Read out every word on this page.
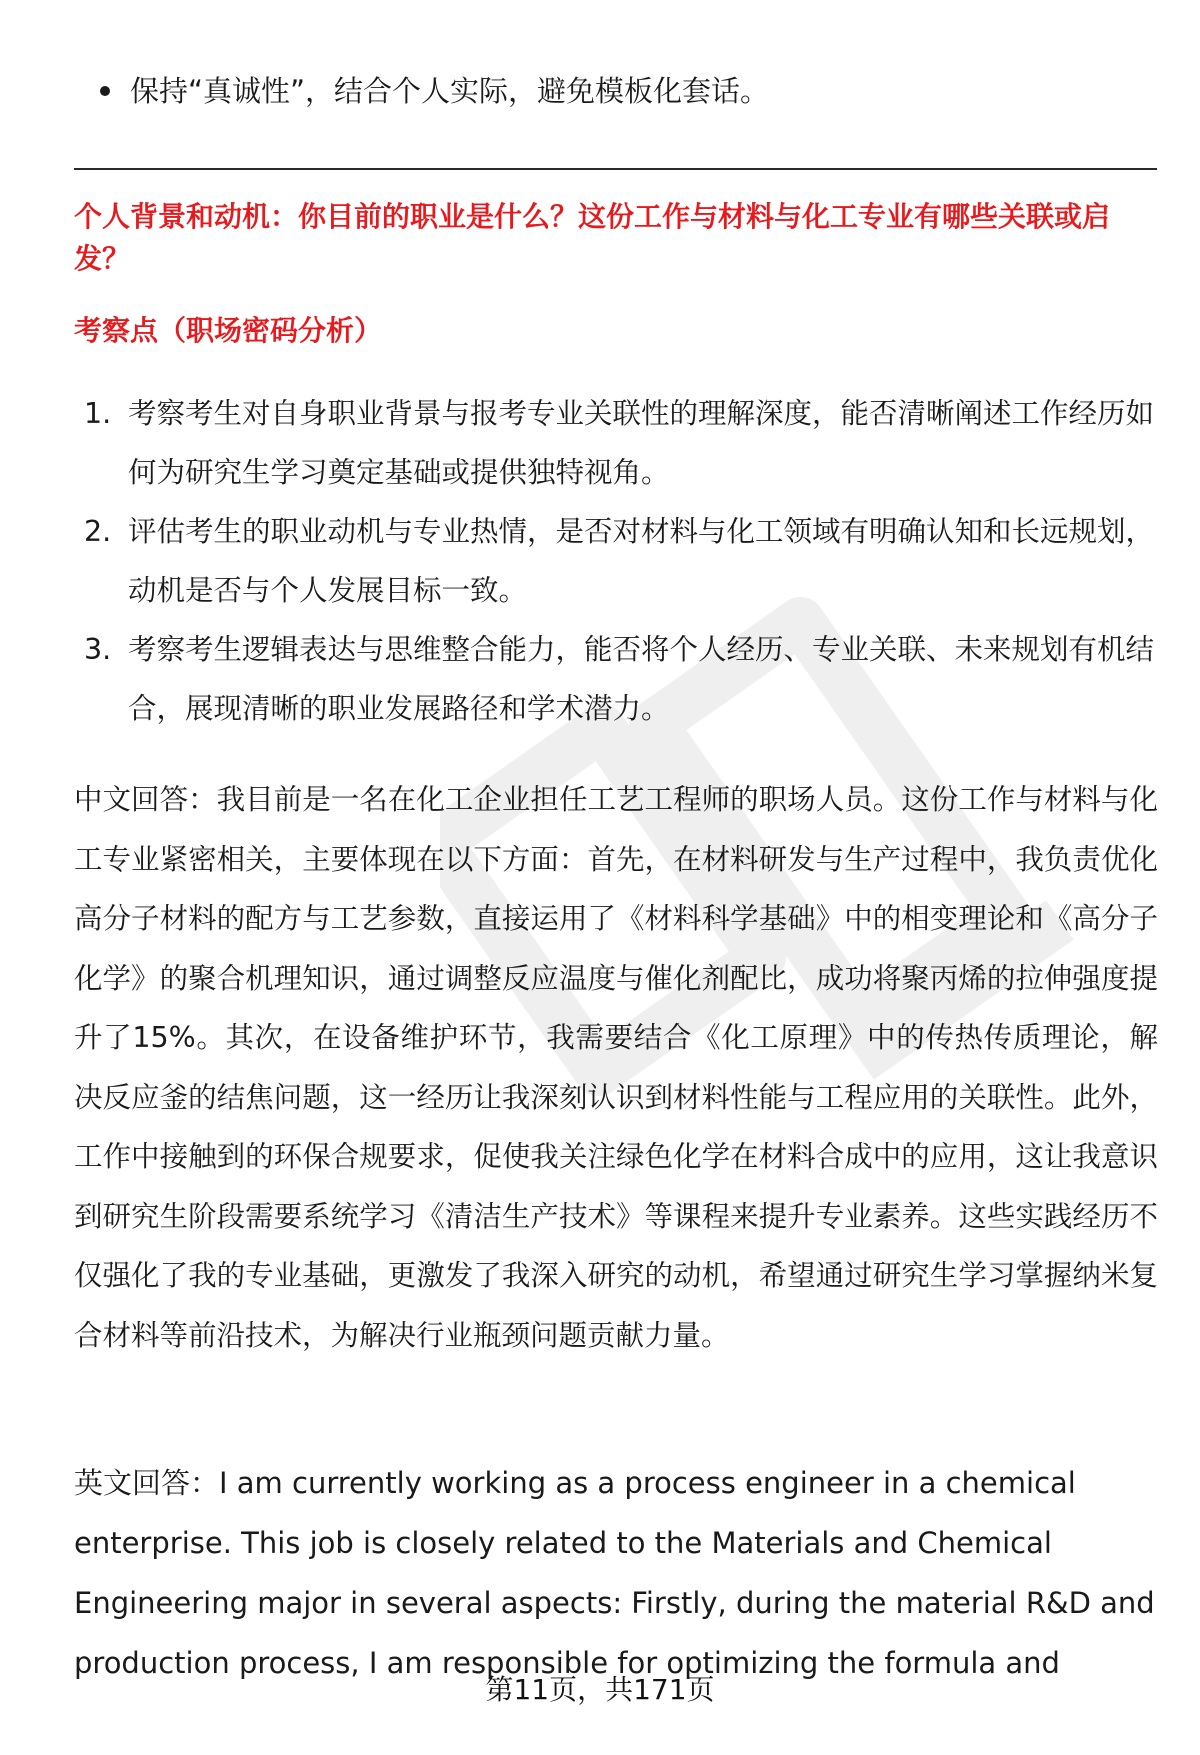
保持“真诚性”，结合个人实际，避免模板化套话。
个人背景和动机：你目前的职业是什么？这份工作与材料与化工专业有哪些关联或启发？
考察点（职场密码分析）
1. 考察考生对自身职业背景与报考专业关联性的理解深度，能否清晰阐述工作经历如何为研究生学习奠定基础或提供独特视角。
2. 评估考生的职业动机与专业热情，是否对材料与化工领域有明确认知和长远规划，动机是否与个人发展目标一致。
3. 考察考生逻辑表达与思维整合能力，能否将个人经历、专业关联、未来规划有机结合，展现清晰的职业发展路径和学术潜力。
中文回答：我目前是一名在化工企业担任工艺工程师的职场人员。这份工作与材料与化工专业紧密相关，主要体现在以下方面：首先，在材料研发与生产过程中，我负责优化高分子材料的配方与工艺参数，直接运用了《材料科学基础》中的相变理论和《高分子化学》的聚合机理知识，通过调整反应温度与催化剂配比，成功将聚丙烯的拉伸强度提升了15%。其次，在设备维护环节，我需要结合《化工原理》中的传热传质理论，解决反应釜的结焦问题，这一经历让我深刻认识到材料性能与工程应用的关联性。此外，工作中接触到的环保合规要求，促使我关注绿色化学在材料合成中的应用，这让我意识到研究生阶段需要系统学习《清洁生产技术》等课程来提升专业素养。这些实践经历不仅强化了我的专业基础，更激发了我深入研究的动机，希望通过研究生学习掌握纳米复合材料等前沿技术，为解决行业瓶颈问题贡献力量。
英文回答：I am currently working as a process engineer in a chemical enterprise. This job is closely related to the Materials and Chemical Engineering major in several aspects: Firstly, during the material R&D and production process, I am responsible for optimizing the formula and
第11页，共171页
